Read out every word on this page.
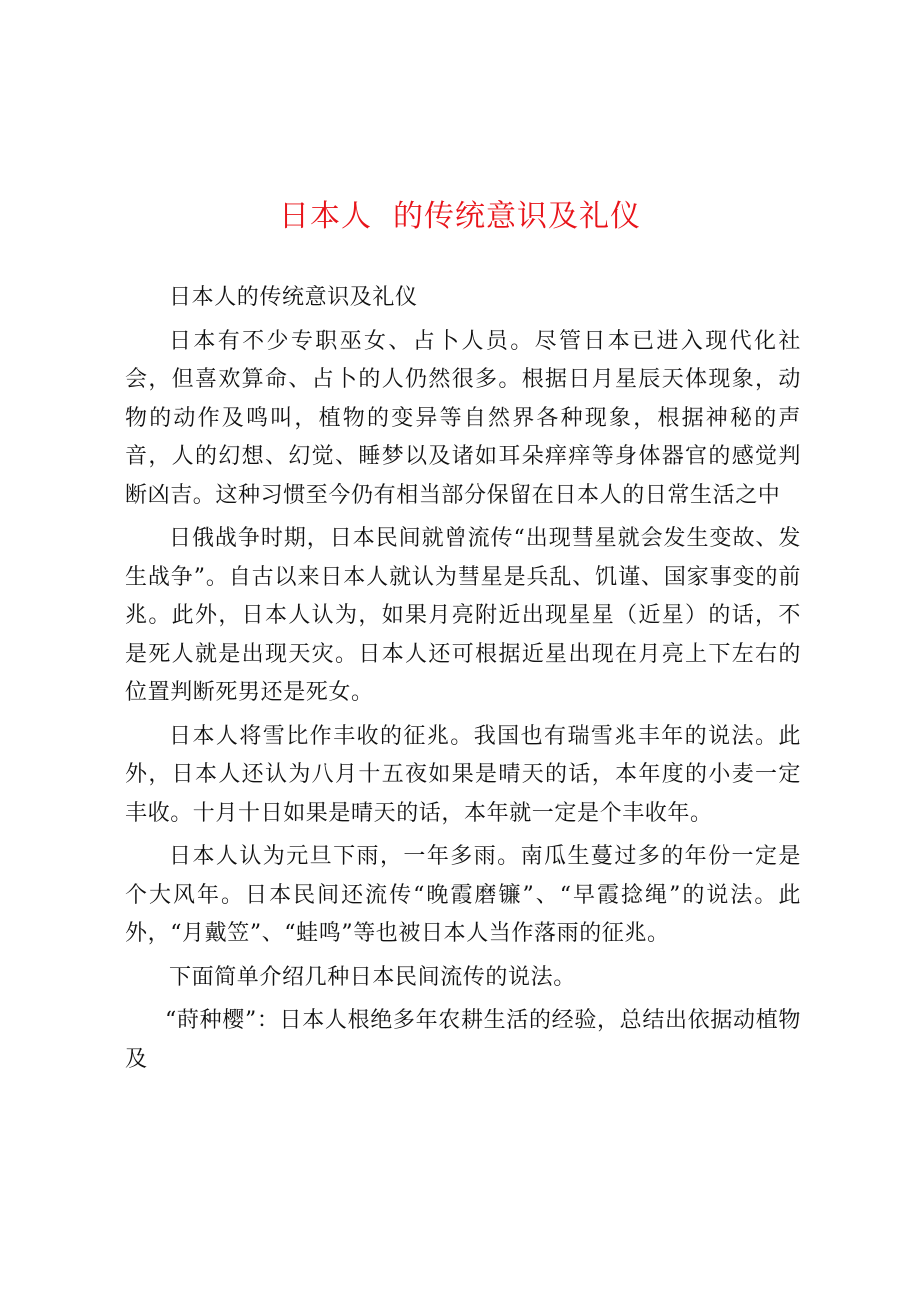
日本人  的传统意识及礼仪

日本人的传统意识及礼仪

日本有不少专职巫女、占卜人员。尽管日本已进入现代化社会，但喜欢算命、占卜的人仍然很多。根据日月星辰天体现象，动物的动作及鸣叫，植物的变异等自然界各种现象，根据神秘的声音，人的幻想、幻觉、睡梦以及诸如耳朵痒痒等身体器官的感觉判断凶吉。这种习惯至今仍有相当部分保留在日本人的日常生活之中

日俄战争时期，日本民间就曾流传“出现彗星就会发生变故、发生战争”。自古以来日本人就认为彗星是兵乱、饥谨、国家事变的前兆。此外，日本人认为，如果月亮附近出现星星（近星）的话，不是死人就是出现天灾。日本人还可根据近星出现在月亮上下左右的位置判断死男还是死女。

日本人将雪比作丰收的征兆。我国也有瑞雪兆丰年的说法。此外，日本人还认为八月十五夜如果是晴天的话，本年度的小麦一定丰收。十月十日如果是晴天的话，本年就一定是个丰收年。

日本人认为元旦下雨，一年多雨。南瓜生蔓过多的年份一定是个大风年。日本民间还流传“晚霞磨镰”、“早霞捻绳”的说法。此外，“月戴笠”、“蛙鸣”等也被日本人当作落雨的征兆。

下面简单介绍几种日本民间流传的说法。

“莳种樱”：日本人根绝多年农耕生活的经验，总结出依据动植物及
